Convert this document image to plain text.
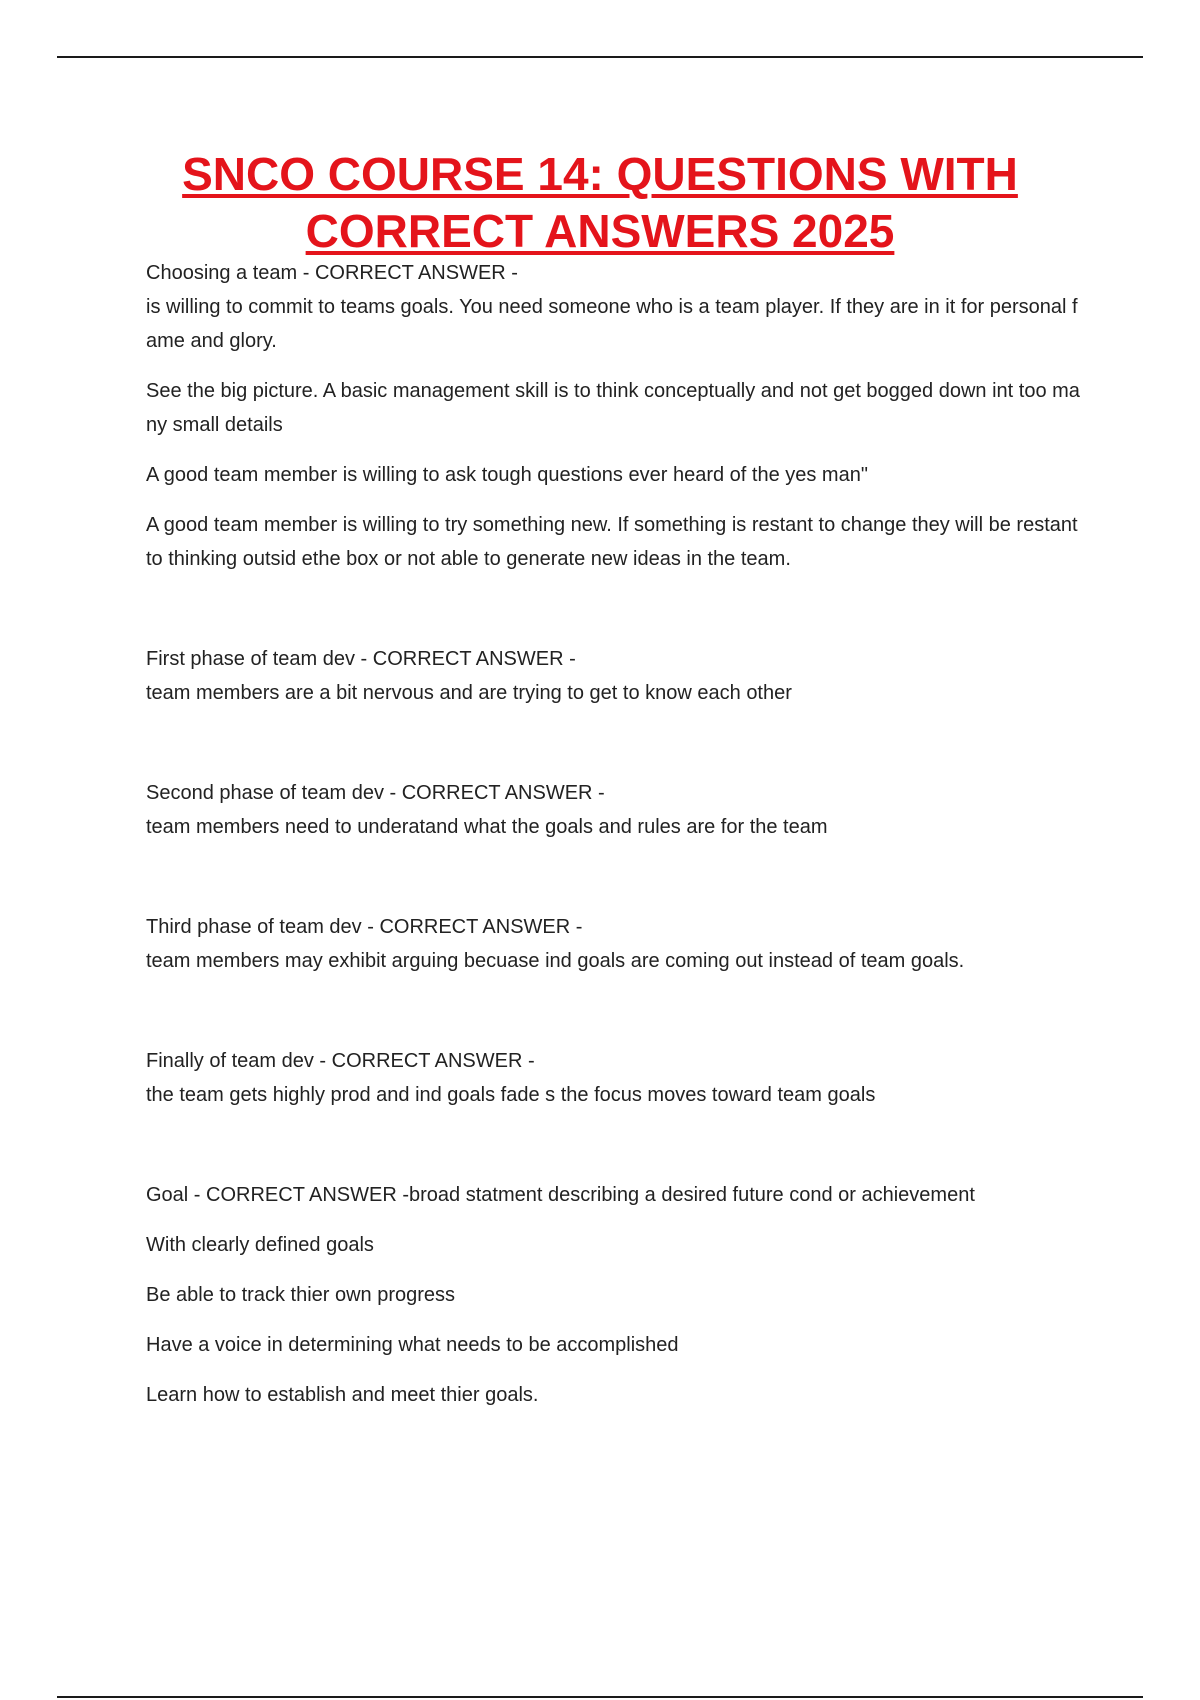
SNCO COURSE 14: QUESTIONS WITH CORRECT ANSWERS 2025

Choosing a team - CORRECT ANSWER -

is willing to commit to teams goals. You need someone who is a team player. If they are in it for personal fame and glory.

See the big picture. A basic management skill is to think conceptually and not get bogged down int too many small details

A good team member is willing to ask tough questions ever heard of the yes man"

A good team member is willing to try something new. If something is restant to change they will be restant to thinking outsid ethe box or not able to generate new ideas in the team.

First phase of team dev - CORRECT ANSWER -

team members are a bit nervous and are trying to get to know each other

Second phase of team dev - CORRECT ANSWER -

team members need to underatand what the goals and rules are for the team

Third phase of team dev - CORRECT ANSWER -

team members may exhibit arguing becuase ind goals are coming out instead of team goals.

Finally of team dev - CORRECT ANSWER -

the team gets highly prod and ind goals fade s the focus moves toward team goals

Goal - CORRECT ANSWER -broad statment describing a desired future cond or achievement

With clearly defined goals

Be able to track thier own progress

Have a voice in determining what needs to be accomplished

Learn how to establish and meet thier goals.
